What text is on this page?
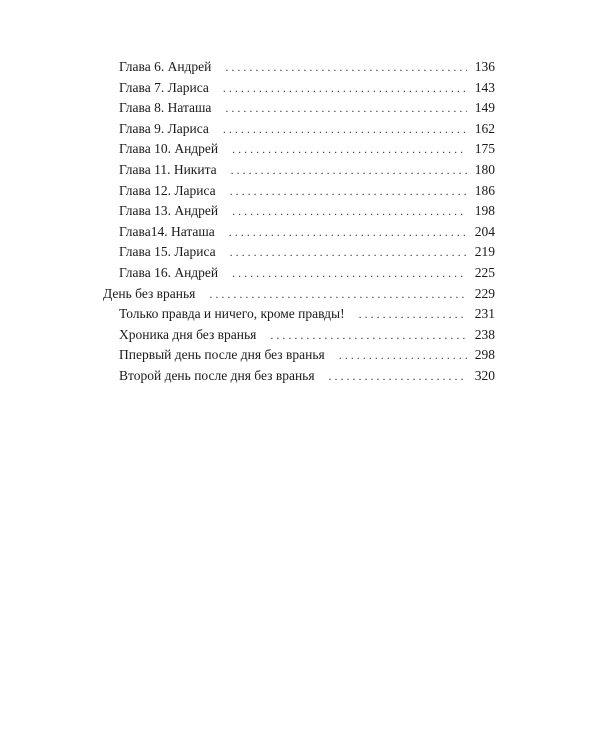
Глава 6. Андрей . . .	136
Глава 7. Лариса . . .	143
Глава 8. Наташа . . .	149
Глава 9. Лариса . . .	162
Глава 10. Андрей . . .	175
Глава 11. Никита . . .	180
Глава 12. Лариса . . .	186
Глава 13. Андрей . . .	198
Глава14. Наташа . . .	204
Глава 15. Лариса . . .	219
Глава 16. Андрей . . .	225
День без вранья . . .	229
Только правда и ничего, кроме правды! . . .	231
Хроника дня без вранья . . .	238
Ппервый день после дня без вранья . . .	298
Второй день после дня без вранья . . .	320
